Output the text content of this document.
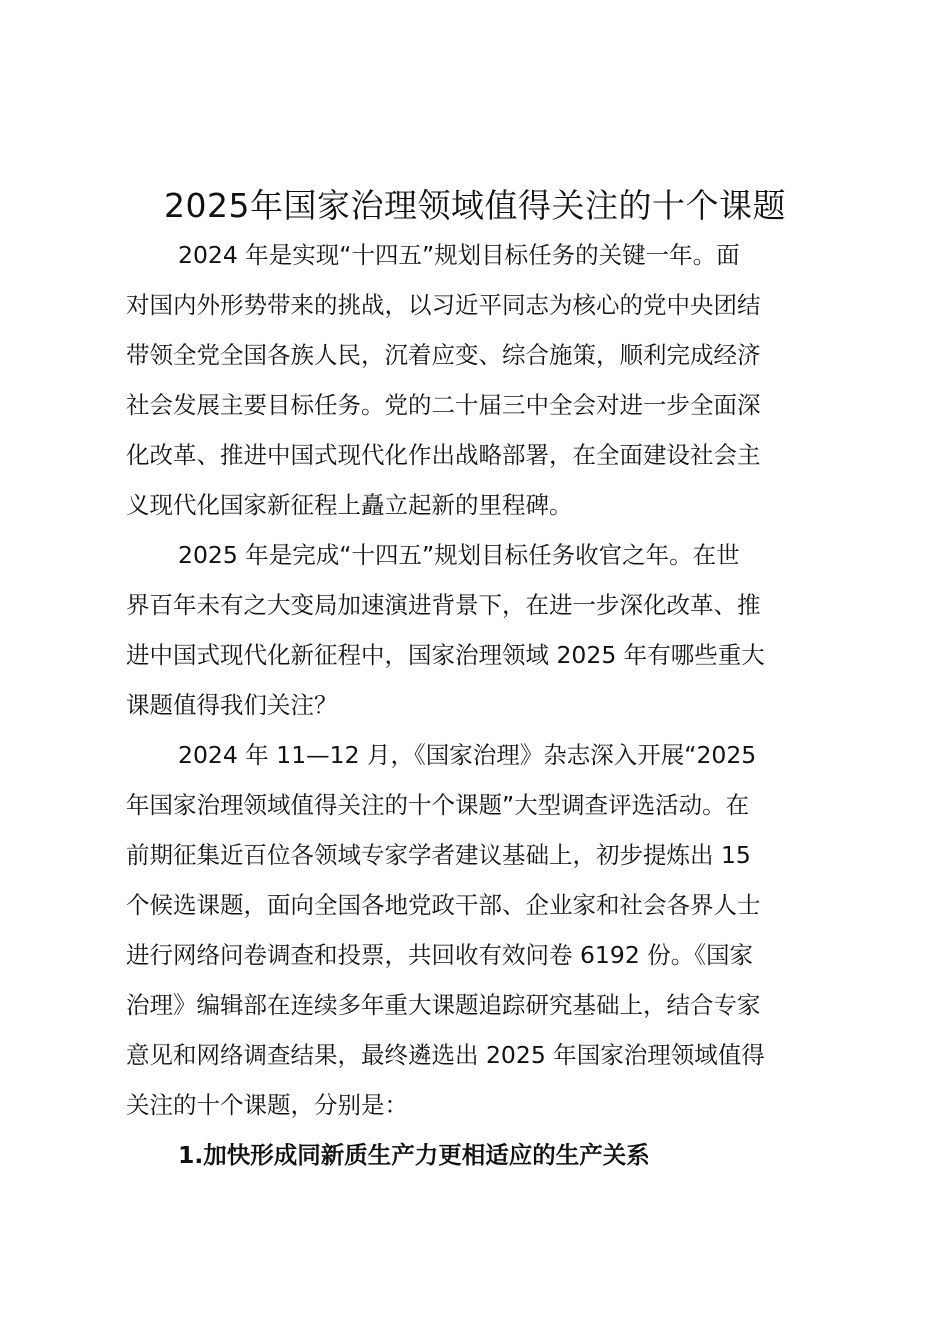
2025年国家治理领域值得关注的十个课题

2024 年是实现“十四五”规划目标任务的关键一年。面
对国内外形势带来的挑战，以习近平同志为核心的党中央团结
带领全党全国各族人民，沉着应变、综合施策，顺利完成经济
社会发展主要目标任务。党的二十届三中全会对进一步全面深
化改革、推进中国式现代化作出战略部署，在全面建设社会主
义现代化国家新征程上矗立起新的里程碑。

2025 年是完成“十四五”规划目标任务收官之年。在世
界百年未有之大变局加速演进背景下，在进一步深化改革、推
进中国式现代化新征程中，国家治理领域 2025 年有哪些重大
课题值得我们关注？

2024 年 11—12 月，《国家治理》杂志深入开展“2025
年国家治理领域值得关注的十个课题”大型调查评选活动。在
前期征集近百位各领域专家学者建议基础上，初步提炼出 15
个候选课题，面向全国各地党政干部、企业家和社会各界人士
进行网络问卷调查和投票，共回收有效问卷 6192 份。《国家
治理》编辑部在连续多年重大课题追踪研究基础上，结合专家
意见和网络调查结果，最终遴选出 2025 年国家治理领域值得
关注的十个课题，分别是：

1.加快形成同新质生产力更相适应的生产关系
